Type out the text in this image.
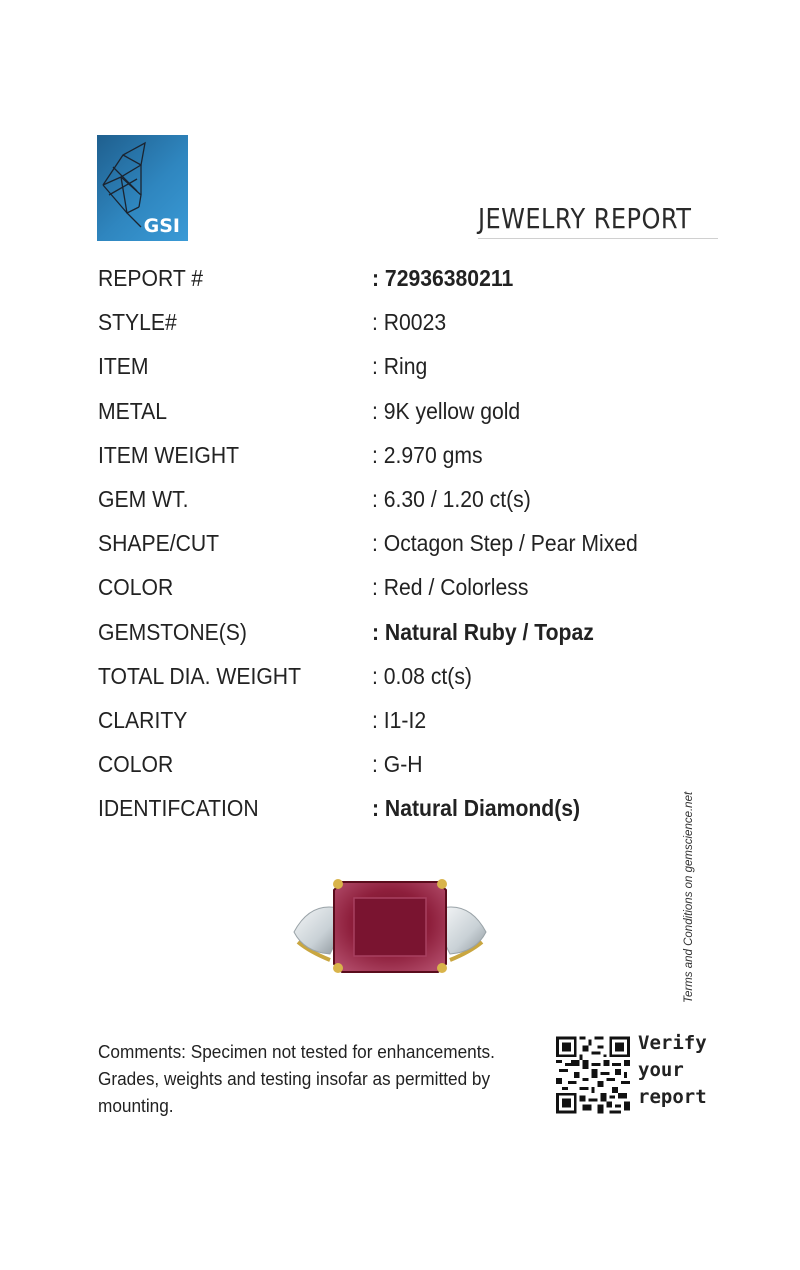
GSI	JEWELRY REPORT
REPORT #	: 72936380211
STYLE#	: R0023
ITEM	: Ring
METAL	: 9K yellow gold
ITEM WEIGHT	: 2.970 gms
GEM WT.	: 6.30 / 1.20 ct(s)
SHAPE/CUT	: Octagon Step / Pear Mixed
COLOR	: Red / Colorless
GEMSTONE(S)	: Natural Ruby / Topaz
TOTAL DIA. WEIGHT	: 0.08 ct(s)
CLARITY	: I1-I2
COLOR	: G-H
IDENTIFCATION	: Natural Diamond(s)	Terms and Conditions on gemscience.net
Comments: Specimen not tested for enhancements.
Grades, weights and testing insofar as permitted by
mounting.
Verify
your
report
